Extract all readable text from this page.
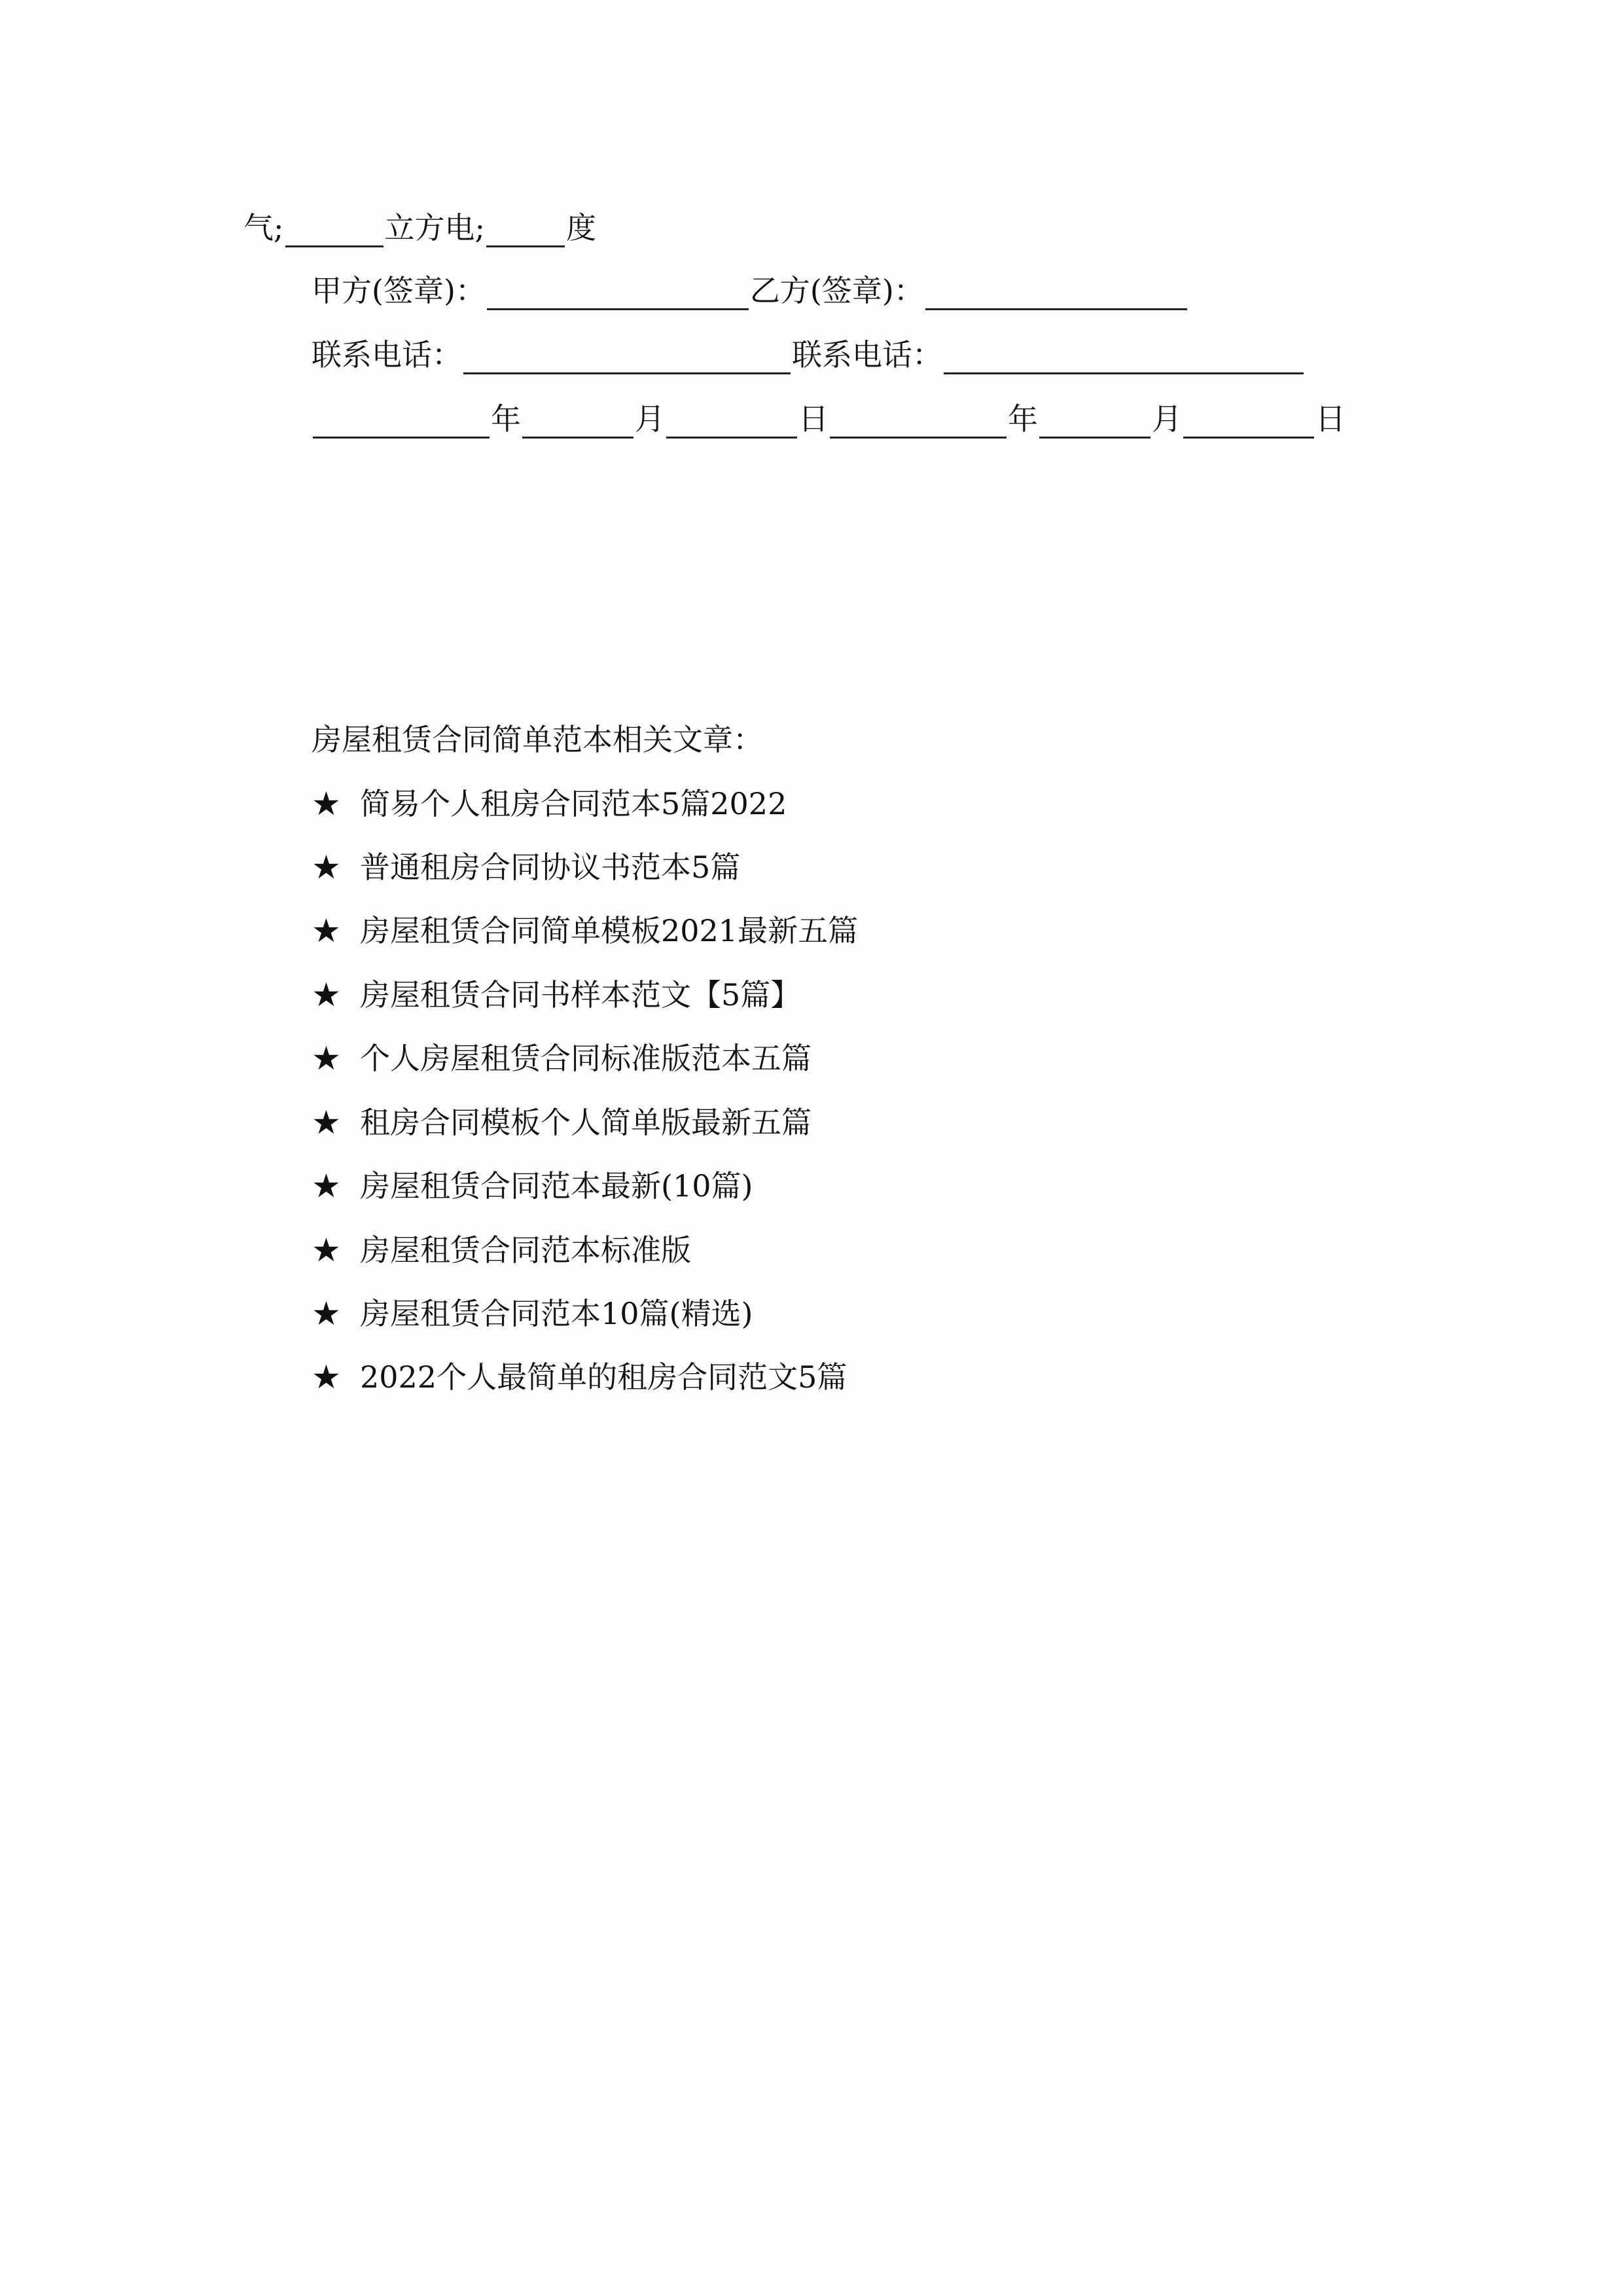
气;	立方电;	度
甲方(签章)：	乙方(签章)：
联系电话：	联系电话：
年	月	日	年	月	日
房屋租赁合同简单范本相关文章：
★ 简易个人租房合同范本5篇2022
★ 普通租房合同协议书范本5篇
★ 房屋租赁合同简单模板2021最新五篇
★ 房屋租赁合同书样本范文【5篇】
★ 个人房屋租赁合同标准版范本五篇
★ 租房合同模板个人简单版最新五篇
★ 房屋租赁合同范本最新(10篇)
★ 房屋租赁合同范本标准版
★ 房屋租赁合同范本10篇(精选)
★ 2022个人最简单的租房合同范文5篇
